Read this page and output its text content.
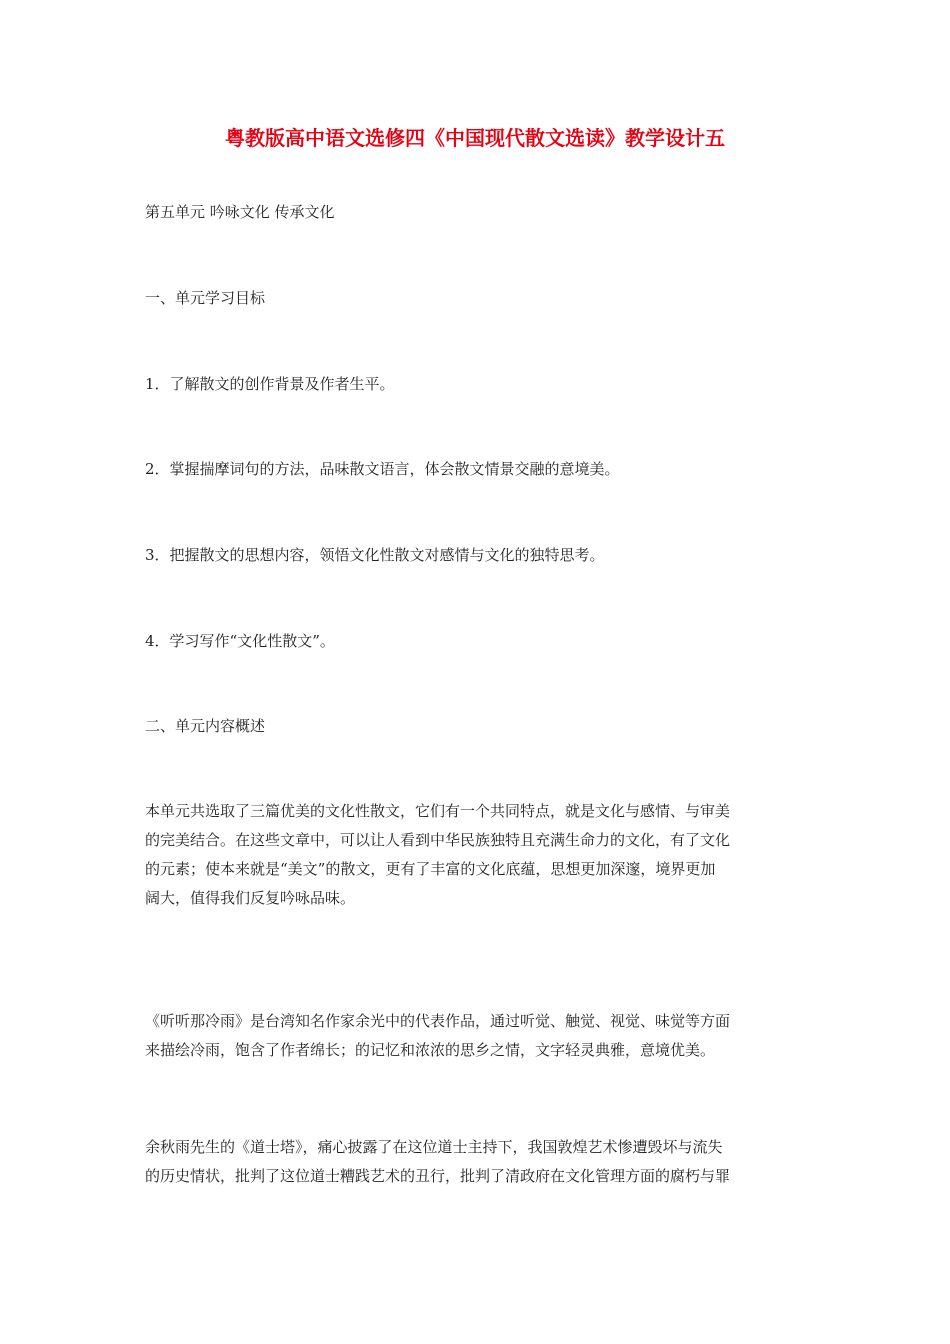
粤教版高中语文选修四《中国现代散文选读》教学设计五
第五单元 吟咏文化 传承文化
一、单元学习目标
1．了解散文的创作背景及作者生平。
2．掌握揣摩词句的方法，品味散文语言，体会散文情景交融的意境美。
3．把握散文的思想内容，领悟文化性散文对感情与文化的独特思考。
4．学习写作“文化性散文”。
二、单元内容概述
本单元共选取了三篇优美的文化性散文，它们有一个共同特点，就是文化与感情、与审美
的完美结合。在这些文章中，可以让人看到中华民族独特且充满生命力的文化，有了文化
的元素；使本来就是“美文”的散文，更有了丰富的文化底蕴，思想更加深邃，境界更加
阔大，值得我们反复吟咏品味。
《听听那冷雨》是台湾知名作家余光中的代表作品，通过听觉、触觉、视觉、味觉等方面
来描绘冷雨，饱含了作者绵长；的记忆和浓浓的思乡之情，文字轻灵典雅，意境优美。
余秋雨先生的《道士塔》，痛心披露了在这位道士主持下，我国敦煌艺术惨遭毁坏与流失
的历史情状，批判了这位道士糟践艺术的丑行，批判了清政府在文化管理方面的腐朽与罪
